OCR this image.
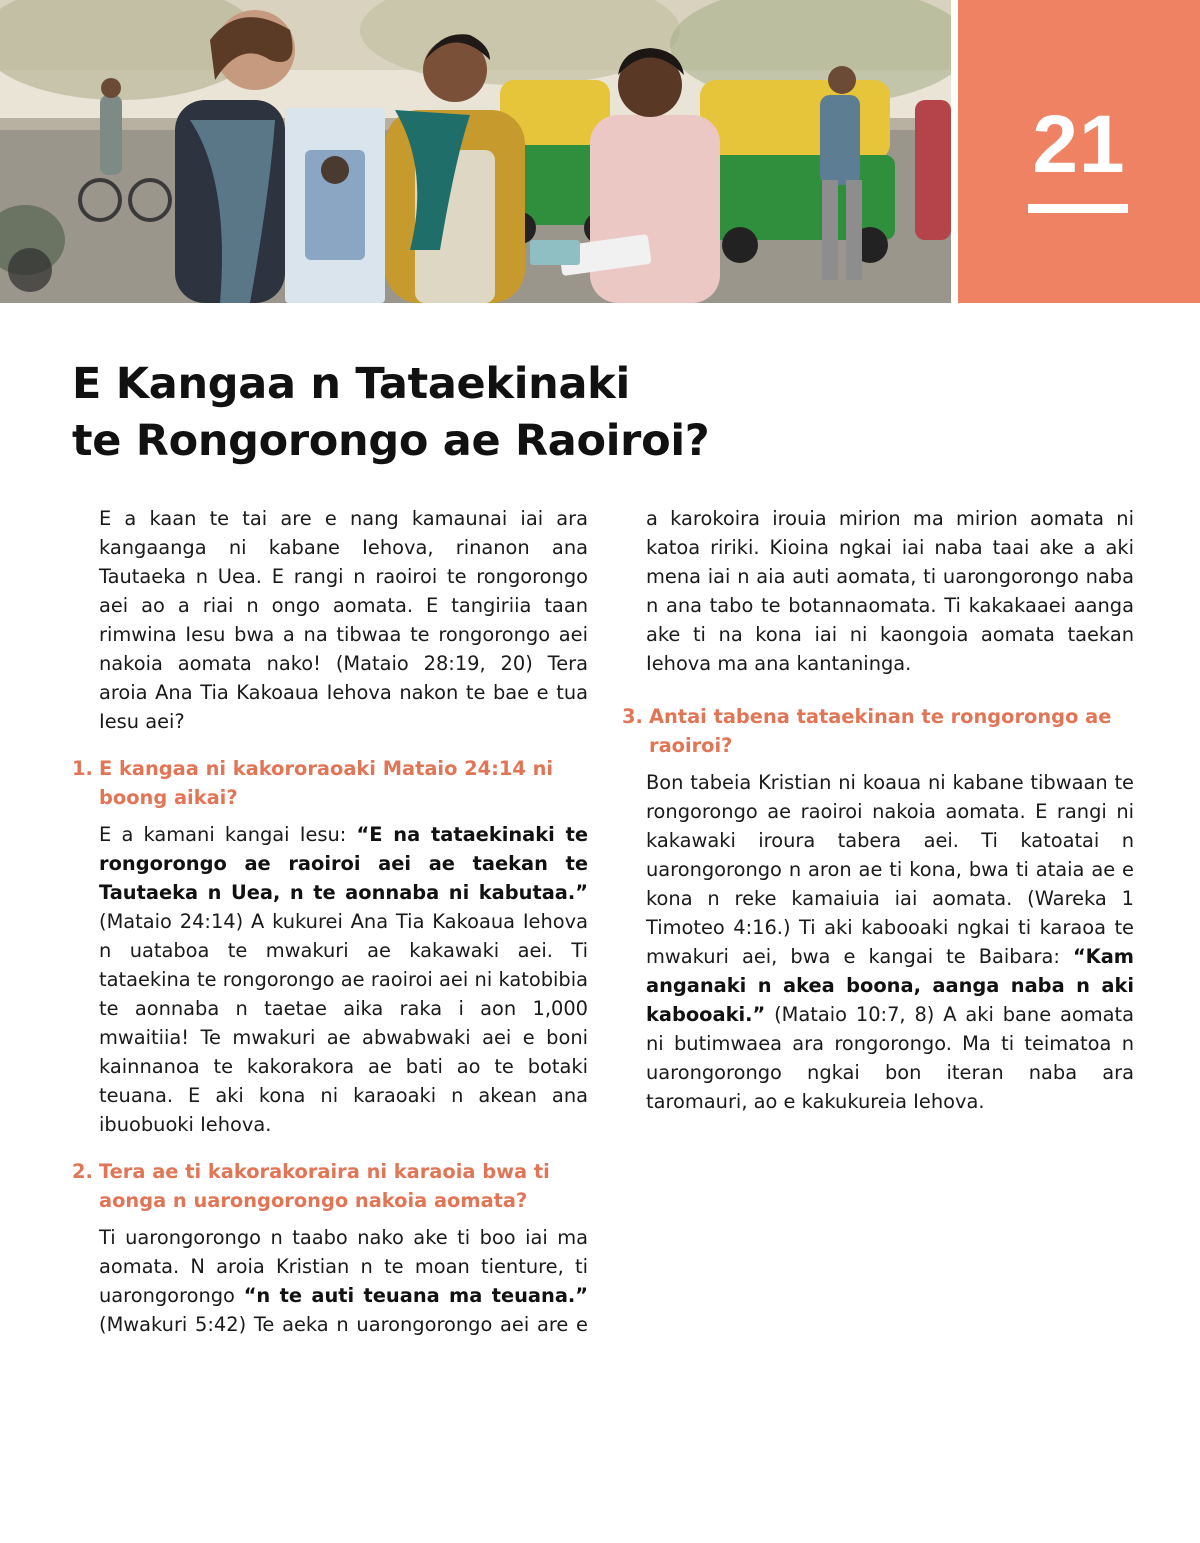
21
E Kangaa n Tataekinaki
te Rongorongo ae Raoiroi?

E a kaan te tai are e nang kamaunai iai ara kangaanga ni kabane Iehova, rinanon ana Tautaeka n Uea. E rangi n raoiroi te rongorongo aei ao a riai n ongo aomata. E tangiriia taan rimwina Iesu bwa a na tibwaa te rongorongo aei nakoia aomata nako! (Mataio 28:19, 20) Tera aroia Ana Tia Kakoaua Iehova nakon te bae e tua Iesu aei?

1. E kangaa ni kakororaoaki Mataio 24:14 ni boong aikai?

E a kamani kangai Iesu: “E na tataekinaki te rongorongo ae raoiroi aei ae taekan te Tautaeka n Uea, n te aonnaba ni kabutaa.” (Mataio 24:14) A kukurei Ana Tia Kakoaua Iehova n uataboa te mwakuri ae kakawaki aei. Ti tataekina te rongorongo ae raoiroi aei ni katobibia te aonnaba n taetae aika raka i aon 1,000 mwaitiia! Te mwakuri ae abwabwaki aei e boni kainnanoa te kakorakora ae bati ao te botaki teuana. E aki kona ni karaoaki n akean ana ibuobuoki Iehova.

2. Tera ae ti kakorakoraira ni karaoia bwa ti aonga n uarongorongo nakoia aomata?

Ti uarongorongo n taabo nako ake ti boo iai ma aomata. N aroia Kristian n te moan tienture, ti uarongorongo “n te auti teuana ma teuana.” (Mwakuri 5:42) Te aeka n uarongorongo aei are e

a karokoira irouia mirion ma mirion aomata ni katoa ririki. Kioina ngkai iai naba taai ake a aki mena iai n aia auti aomata, ti uarongorongo naba n ana tabo te botannaomata. Ti kakakaaei aanga ake ti na kona iai ni kaongoia aomata taekan Iehova ma ana kantaninga.

3. Antai tabena tataekinan te rongorongo ae raoiroi?

Bon tabeia Kristian ni koaua ni kabane tibwaan te rongorongo ae raoiroi nakoia aomata. E rangi ni kakawaki iroura tabera aei. Ti katoatai n uarongorongo n aron ae ti kona, bwa ti ataia ae e kona n reke kamaiuia iai aomata. (Wareka 1 Timoteo 4:16.) Ti aki kabooaki ngkai ti karaoa te mwakuri aei, bwa e kangai te Baibara: “Kam anganaki n akea boona, aanga naba n aki kabooaki.” (Mataio 10:7, 8) A aki bane aomata ni butimwaea ara rongorongo. Ma ti teimatoa n uarongorongo ngkai bon iteran naba ara taromauri, ao e kakukureia Iehova.
